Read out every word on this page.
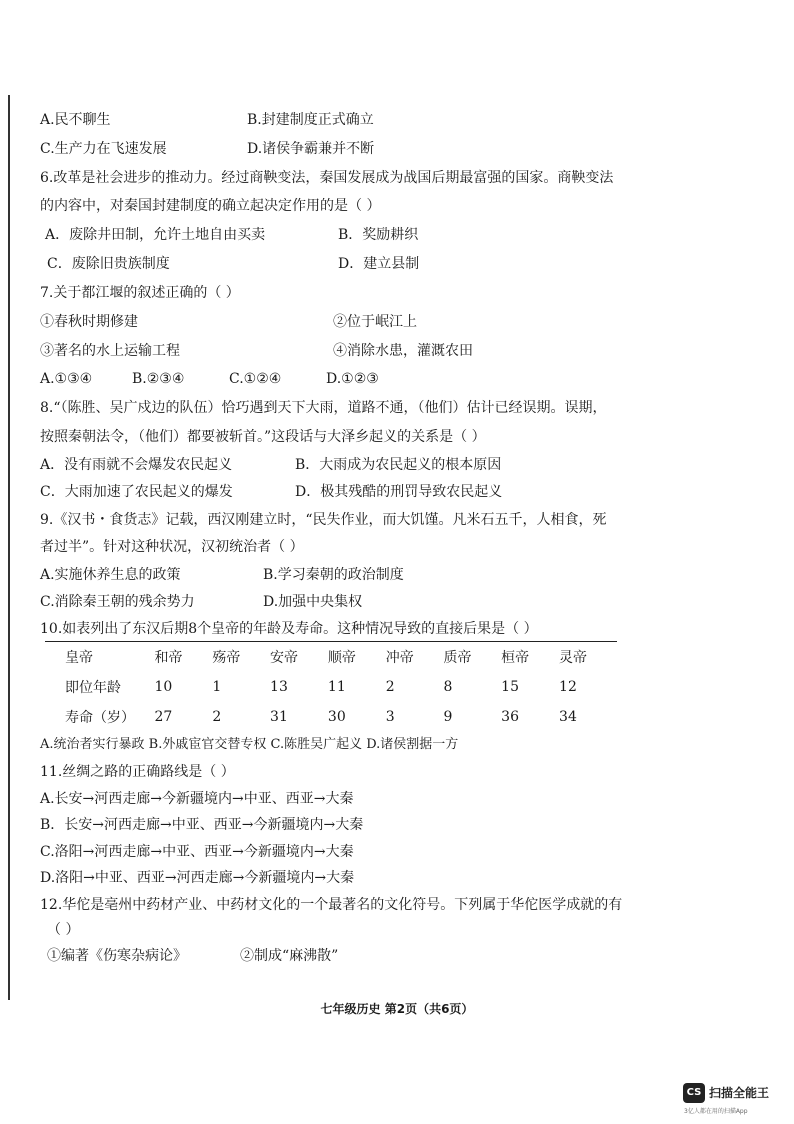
A.民不聊生	B.封建制度正式确立
C.生产力在飞速发展	D.诸侯争霸兼并不断
6.改革是社会进步的推动力。经过商鞅变法，秦国发展成为战国后期最富强的国家。商鞅变法
的内容中，对秦国封建制度的确立起决定作用的是（ ）
A．废除井田制，允许土地自由买卖	B．奖励耕织
C．废除旧贵族制度	D．建立县制
7.关于都江堰的叙述正确的（ ）
①春秋时期修建	②位于岷江上
③著名的水上运输工程	④消除水患，灌溉农田
A.①③④	B.②③④	C.①②④	D.①②③
8.“（陈胜、吴广戍边的队伍）恰巧遇到天下大雨，道路不通，（他们）估计已经误期。误期，
按照秦朝法令，（他们）都要被斩首。”这段话与大泽乡起义的关系是（ ）
A．没有雨就不会爆发农民起义	B．大雨成为农民起义的根本原因
C．大雨加速了农民起义的爆发	D．极其残酷的刑罚导致农民起义
9.《汉书・食货志》记载，西汉刚建立时，“民失作业，而大饥馑。凡米石五千，人相食，死
者过半”。针对这种状况，汉初统治者（ ）
A.实施休养生息的政策	B.学习秦朝的政治制度
C.消除秦王朝的残余势力	D.加强中央集权
10.如表列出了东汉后期8个皇帝的年龄及寿命。这种情况导致的直接后果是（ ）
皇帝	和帝	殇帝	安帝	顺帝	冲帝	质帝	桓帝	灵帝
即位年龄	10	1	13	11	2	8	15	12
寿命（岁）	27	2	31	30	3	9	36	34
A.统治者实行暴政 B.外戚宦官交替专权 C.陈胜吴广起义 D.诸侯割据一方
11.丝绸之路的正确路线是（ ）
A.长安→河西走廊→今新疆境内→中亚、西亚→大秦
B．长安→河西走廊→中亚、西亚→今新疆境内→大秦
C.洛阳→河西走廊→中亚、西亚→今新疆境内→大秦
D.洛阳→中亚、西亚→河西走廊→今新疆境内→大秦
12.华佗是亳州中药材产业、中药材文化的一个最著名的文化符号。下列属于华佗医学成就的有
（ ）
①编著《伤寒杂病论》	②制成“麻沸散”
七年级历史 第2页（共6页）
CS 扫描全能王
3亿人都在用的扫描App
